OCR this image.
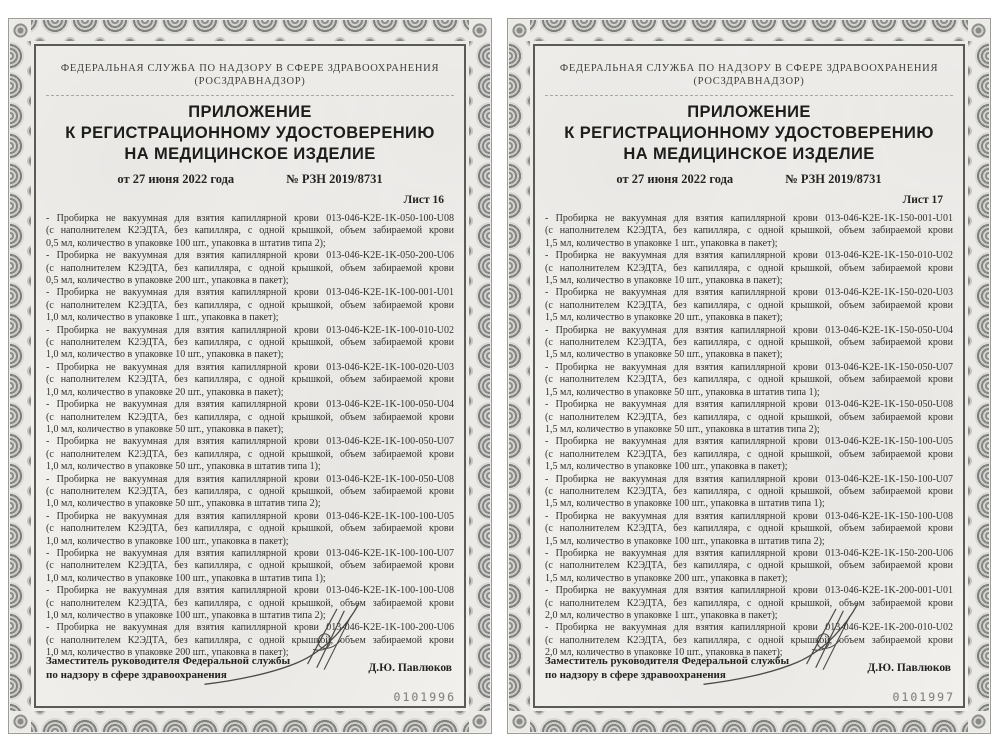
ФЕДЕРАЛЬНАЯ СЛУЖБА ПО НАДЗОРУ В СФЕРЕ ЗДРАВООХРАНЕНИЯ
(РОСЗДРАВНАДЗОР)
ПРИЛОЖЕНИЕ
К РЕГИСТРАЦИОННОМУ УДОСТОВЕРЕНИЮ
НА МЕДИЦИНСКОЕ ИЗДЕЛИЕ
от 27 июня 2022 года	№ РЗН 2019/8731
Лист 16

- Пробирка не вакуумная для взятия капиллярной крови 013-046-K2E-1K-050-100-U08
(с наполнителем К2ЭДТА, без капилляра, с одной крышкой, объем забираемой крови
0,5 мл, количество в упаковке 100 шт., упаковка в штатив типа 2);

- Пробирка не вакуумная для взятия капиллярной крови 013-046-K2E-1K-050-200-U06
(с наполнителем К2ЭДТА, без капилляра, с одной крышкой, объем забираемой крови
0,5 мл, количество в упаковке 200 шт., упаковка в пакет);

- Пробирка не вакуумная для взятия капиллярной крови 013-046-K2E-1K-100-001-U01
(с наполнителем К2ЭДТА, без капилляра, с одной крышкой, объем забираемой крови
1,0 мл, количество в упаковке 1 шт., упаковка в пакет);

- Пробирка не вакуумная для взятия капиллярной крови 013-046-K2E-1K-100-010-U02
(с наполнителем К2ЭДТА, без капилляра, с одной крышкой, объем забираемой крови
1,0 мл, количество в упаковке 10 шт., упаковка в пакет);

- Пробирка не вакуумная для взятия капиллярной крови 013-046-K2E-1K-100-020-U03
(с наполнителем К2ЭДТА, без капилляра, с одной крышкой, объем забираемой крови
1,0 мл, количество в упаковке 20 шт., упаковка в пакет);

- Пробирка не вакуумная для взятия капиллярной крови 013-046-K2E-1K-100-050-U04
(с наполнителем К2ЭДТА, без капилляра, с одной крышкой, объем забираемой крови
1,0 мл, количество в упаковке 50 шт., упаковка в пакет);

- Пробирка не вакуумная для взятия капиллярной крови 013-046-K2E-1K-100-050-U07
(с наполнителем К2ЭДТА, без капилляра, с одной крышкой, объем забираемой крови
1,0 мл, количество в упаковке 50 шт., упаковка в штатив типа 1);

- Пробирка не вакуумная для взятия капиллярной крови 013-046-K2E-1K-100-050-U08
(с наполнителем К2ЭДТА, без капилляра, с одной крышкой, объем забираемой крови
1,0 мл, количество в упаковке 50 шт., упаковка в штатив типа 2);

- Пробирка не вакуумная для взятия капиллярной крови 013-046-K2E-1K-100-100-U05
(с наполнителем К2ЭДТА, без капилляра, с одной крышкой, объем забираемой крови
1,0 мл, количество в упаковке 100 шт., упаковка в пакет);

- Пробирка не вакуумная для взятия капиллярной крови 013-046-K2E-1K-100-100-U07
(с наполнителем К2ЭДТА, без капилляра, с одной крышкой, объем забираемой крови
1,0 мл, количество в упаковке 100 шт., упаковка в штатив типа 1);

- Пробирка не вакуумная для взятия капиллярной крови 013-046-K2E-1K-100-100-U08
(с наполнителем К2ЭДТА, без капилляра, с одной крышкой, объем забираемой крови
1,0 мл, количество в упаковке 100 шт., упаковка в штатив типа 2);

- Пробирка не вакуумная для взятия капиллярной крови 013-046-K2E-1K-100-200-U06
(с наполнителем К2ЭДТА, без капилляра, с одной крышкой, объем забираемой крови
1,0 мл, количество в упаковке 200 шт., упаковка в пакет);

Заместитель руководителя Федеральной службы
по надзору в сфере здравоохранения
Д.Ю. Павлюков
0101996
ФЕДЕРАЛЬНАЯ СЛУЖБА ПО НАДЗОРУ В СФЕРЕ ЗДРАВООХРАНЕНИЯ
(РОСЗДРАВНАДЗОР)
ПРИЛОЖЕНИЕ
К РЕГИСТРАЦИОННОМУ УДОСТОВЕРЕНИЮ
НА МЕДИЦИНСКОЕ ИЗДЕЛИЕ
от 27 июня 2022 года	№ РЗН 2019/8731
Лист 17

- Пробирка не вакуумная для взятия капиллярной крови 013-046-K2E-1K-150-001-U01
(с наполнителем К2ЭДТА, без капилляра, с одной крышкой, объем забираемой крови
1,5 мл, количество в упаковке 1 шт., упаковка в пакет);

- Пробирка не вакуумная для взятия капиллярной крови 013-046-K2E-1K-150-010-U02
(с наполнителем К2ЭДТА, без капилляра, с одной крышкой, объем забираемой крови
1,5 мл, количество в упаковке 10 шт., упаковка в пакет);

- Пробирка не вакуумная для взятия капиллярной крови 013-046-K2E-1K-150-020-U03
(с наполнителем К2ЭДТА, без капилляра, с одной крышкой, объем забираемой крови
1,5 мл, количество в упаковке 20 шт., упаковка в пакет);

- Пробирка не вакуумная для взятия капиллярной крови 013-046-K2E-1K-150-050-U04
(с наполнителем К2ЭДТА, без капилляра, с одной крышкой, объем забираемой крови
1,5 мл, количество в упаковке 50 шт., упаковка в пакет);

- Пробирка не вакуумная для взятия капиллярной крови 013-046-K2E-1K-150-050-U07
(с наполнителем К2ЭДТА, без капилляра, с одной крышкой, объем забираемой крови
1,5 мл, количество в упаковке 50 шт., упаковка в штатив типа 1);

- Пробирка не вакуумная для взятия капиллярной крови 013-046-K2E-1K-150-050-U08
(с наполнителем К2ЭДТА, без капилляра, с одной крышкой, объем забираемой крови
1,5 мл, количество в упаковке 50 шт., упаковка в штатив типа 2);

- Пробирка не вакуумная для взятия капиллярной крови 013-046-K2E-1K-150-100-U05
(с наполнителем К2ЭДТА, без капилляра, с одной крышкой, объем забираемой крови
1,5 мл, количество в упаковке 100 шт., упаковка в пакет);

- Пробирка не вакуумная для взятия капиллярной крови 013-046-K2E-1K-150-100-U07
(с наполнителем К2ЭДТА, без капилляра, с одной крышкой, объем забираемой крови
1,5 мл, количество в упаковке 100 шт., упаковка в штатив типа 1);

- Пробирка не вакуумная для взятия капиллярной крови 013-046-K2E-1K-150-100-U08
(с наполнителем К2ЭДТА, без капилляра, с одной крышкой, объем забираемой крови
1,5 мл, количество в упаковке 100 шт., упаковка в штатив типа 2);

- Пробирка не вакуумная для взятия капиллярной крови 013-046-K2E-1K-150-200-U06
(с наполнителем К2ЭДТА, без капилляра, с одной крышкой, объем забираемой крови
1,5 мл, количество в упаковке 200 шт., упаковка в пакет);

- Пробирка не вакуумная для взятия капиллярной крови 013-046-K2E-1K-200-001-U01
(с наполнителем К2ЭДТА, без капилляра, с одной крышкой, объем забираемой крови
2,0 мл, количество в упаковке 1 шт., упаковка в пакет);

- Пробирка не вакуумная для взятия капиллярной крови 013-046-K2E-1K-200-010-U02
(с наполнителем К2ЭДТА, без капилляра, с одной крышкой, объем забираемой крови
2,0 мл, количество в упаковке 10 шт., упаковка в пакет);

Заместитель руководителя Федеральной службы
по надзору в сфере здравоохранения
Д.Ю. Павлюков
0101997
